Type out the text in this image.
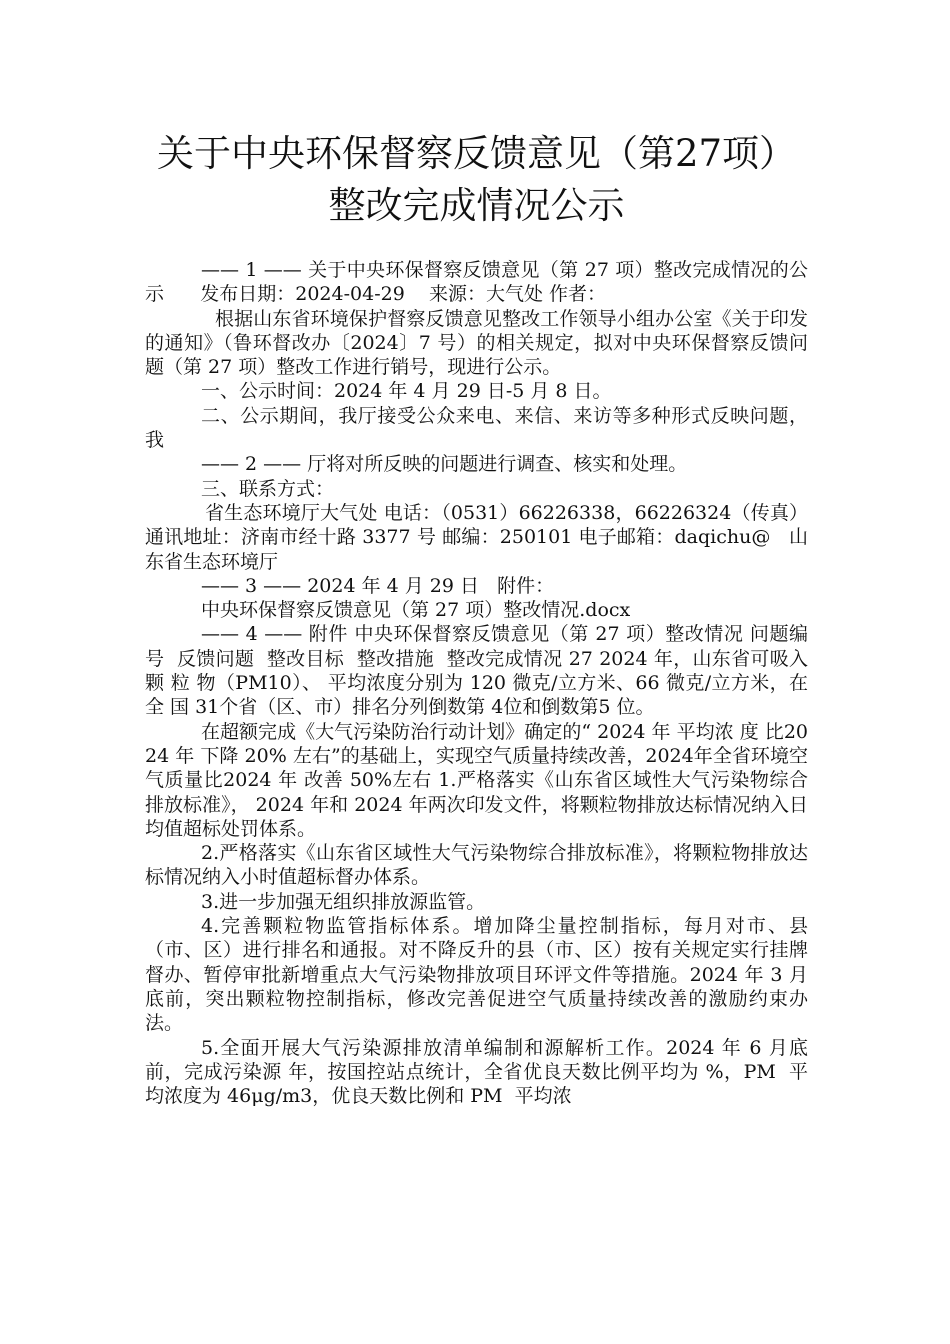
关于中央环保督察反馈意见（第27项）整改完成情况公示

—— 1 —— 关于中央环保督察反馈意见（第 27 项）整改完成情况的公示      发布日期：2024-04-29    来源：大气处 作者：

根据山东省环境保护督察反馈意见整改工作领导小组办公室《关于印发的通知》（鲁环督改办〔2024〕7 号）的相关规定，拟对中央环保督察反馈问题（第 27 项）整改工作进行销号，现进行公示。

一、公示时间：2024 年 4 月 29 日-5 月 8 日。

二、公示期间，我厅接受公众来电、来信、来访等多种形式反映问题，我

—— 2 —— 厅将对所反映的问题进行调查、核实和处理。

三、联系方式：

省生态环境厅大气处 电话：（0531）66226338，66226324（传真） 通讯地址：济南市经十路 3377 号 邮编：250101 电子邮箱：daqichu@   山东省生态环境厅

—— 3 —— 2024 年 4 月 29 日   附件：

中央环保督察反馈意见（第 27 项）整改情况.docx

—— 4 —— 附件 中央环保督察反馈意见（第 27 项）整改情况 问题编号  反馈问题  整改目标  整改措施  整改完成情况 27 2024 年，山东省可吸入颗 粒 物（PM10）、 平均浓度分别为 120 微克/立方米、66 微克/立方米，在 全 国 31个省（区、市）排名分列倒数第 4位和倒数第5 位。

在超额完成《大气污染防治行动计划》确定的“ 2024 年 平均浓 度 比2024 年 下降 20% 左右”的基础上，实现空气质量持续改善，2024年全省环境空气质量比2024 年 改善 50%左右 1.严格落实《山东省区域性大气污染物综合排放标准》， 2024 年和 2024 年两次印发文件，将颗粒物排放达标情况纳入日均值超标处罚体系。

2.严格落实《山东省区域性大气污染物综合排放标准》，将颗粒物排放达标情况纳入小时值超标督办体系。

3.进一步加强无组织排放源监管。

4.完善颗粒物监管指标体系。增加降尘量控制指标，每月对市、县（市、区）进行排名和通报。对不降反升的县（市、区）按有关规定实行挂牌督办、暂停审批新增重点大气污染物排放项目环评文件等措施。2024 年 3 月底前，突出颗粒物控制指标，修改完善促进空气质量持续改善的激励约束办法。

5.全面开展大气污染源排放清单编制和源解析工作。2024 年 6 月底前，完成污染源 年，按国控站点统计，全省优良天数比例平均为 %，PM  平均浓度为 46μg/m3，优良天数比例和 PM  平均浓
